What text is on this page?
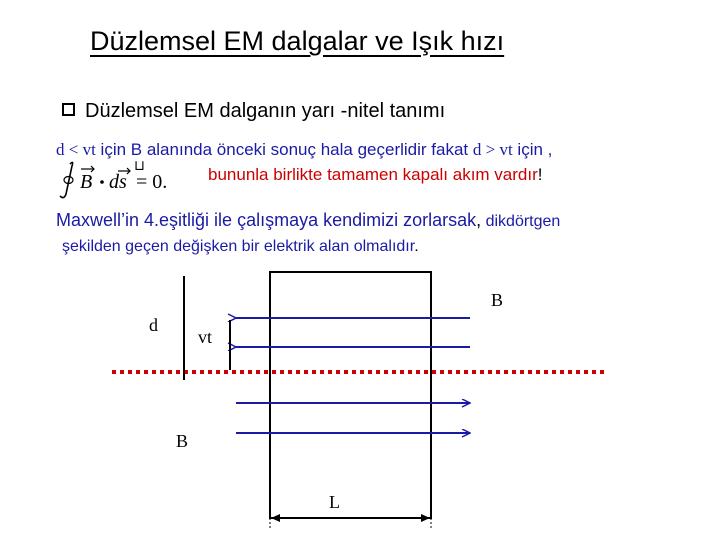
Düzlemsel EM dalgalar ve Işık hızı
Düzlemsel EM dalganın yarı -nitel tanımı
d < vt için B alanında önceki sonuç hala geçerlidir fakat d > vt için ,
B ds = 0.
⊔	bununla birlikte tamamen kapalı akım vardır!
Maxwell’in 4.eşitliği ile çalışmaya kendimizi zorlarsak, dikdörtgen
şekilden geçen değişken bir elektrik alan olmalıdır.
d
vt
B
B
L
